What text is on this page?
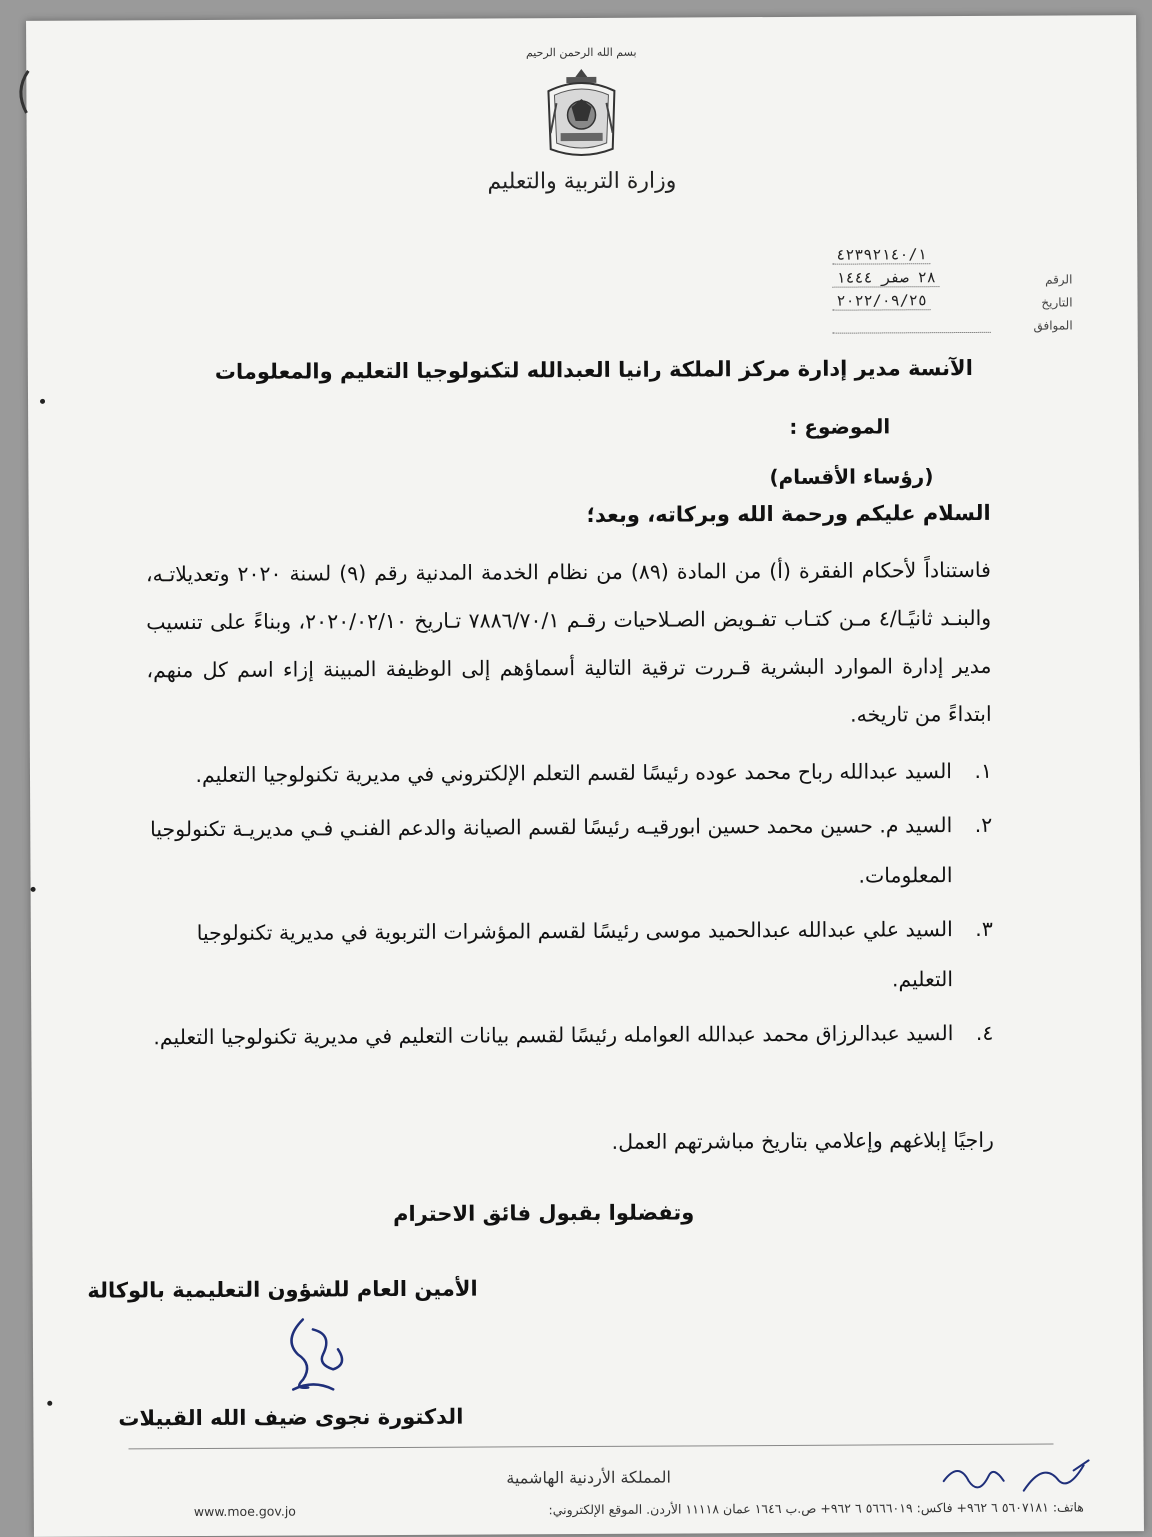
بسم الله الرحمن الرحيم
وزارة التربية والتعليم
٤٢٣٩٢١٤٠/١
الرقم
٢٨ صفر ١٤٤٤
التاريخ
٢٠٢٢/٠٩/٢٥
الموافق
الآنسة مدير إدارة مركز الملكة رانيا العبدالله لتكنولوجيا التعليم والمعلومات
الموضوع :
(رؤساء الأقسام)
السلام عليكم ورحمة الله وبركاته، وبعد؛
فاستناداً لأحكام الفقرة (أ) من المادة (٨٩) من نظام الخدمة المدنية رقم (٩) لسنة ٢٠٢٠ وتعديلاتـه، والبنـد ثانيًـا/٤ مـن كتـاب تفـويض الصـلاحيات رقـم ٧٨٨٦/٧٠/١ تـاريخ ٢٠٢٠/٠٢/١٠، وبناءً على تنسيب مدير إدارة الموارد البشرية قـررت ترقية التالية أسماؤهم إلى الوظيفة المبينة إزاء اسم كل منهم، ابتداءً من تاريخه.
١.
السيد عبدالله رباح محمد عوده رئيسًا لقسم التعلم الإلكتروني في مديرية تكنولوجيا التعليم.
٢.
السيد م. حسين محمد حسين ابورقيـه رئيسًا لقسم الصيانة والدعم الفنـي فـي مديريـة تكنولوجيا المعلومات.
٣.
السيد علي عبدالله عبدالحميد موسى رئيسًا لقسم المؤشرات التربوية في مديرية تكنولوجيا التعليم.
٤.
السيد عبدالرزاق محمد عبدالله العوامله رئيسًا لقسم بيانات التعليم في مديرية تكنولوجيا التعليم.
راجيًا إبلاغهم وإعلامي بتاريخ مباشرتهم العمل.
وتفضلوا بقبول فائق الاحترام
الأمين العام للشؤون التعليمية بالوكالة
الدكتورة نجوى ضيف الله القبيلات
المملكة الأردنية الهاشمية
www.moe.gov.jo	هاتف: ٥٦٠٧١٨١ ٦ ٩٦٢+ فاكس: ٥٦٦٦٠١٩ ٦ ٩٦٢+ ص.ب ١٦٤٦ عمان ١١١١٨ الأردن. الموقع الإلكتروني:
